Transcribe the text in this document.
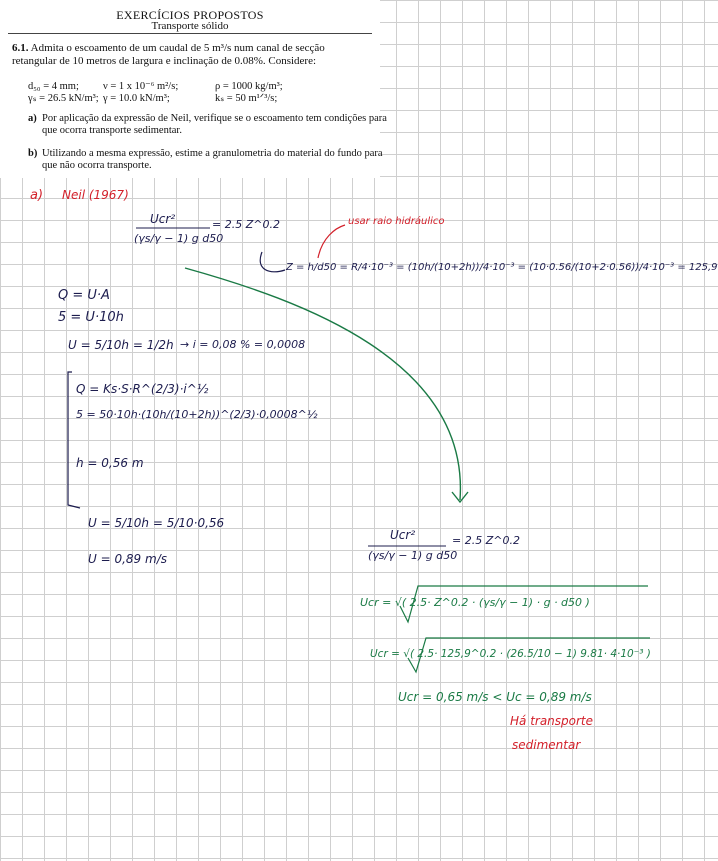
EXERCÍCIOS PROPOSTOS
Transporte sólido
6.1. Admita o escoamento de um caudal de 5 m³/s num canal de secção retangular de 10 metros de largura e inclinação de 0.08%. Considere:
d₅₀ = 4 mm; ν = 1 x 10⁻⁶ m²/s;	ρ = 1000 kg/m³;
γₛ = 26.5 kN/m³; γ = 10.0 kN/m³;	kₛ = 50 m¹ᐟ³/s;
a) Por aplicação da expressão de Neil, verifique se o escoamento tem condições para que ocorra transporte sedimentar.
b) Utilizando a mesma expressão, estime a granulometria do material do fundo para que não ocorra transporte.
a) Neil (1967)
Ucr²
(γs/γ − 1) g d50
= 2.5 Z^0.2	usar raio hidráulico
Z = h/d50 = R/4·10⁻³ = (10h/(10+2h))/4·10⁻³ = (10·0.56/(10+2·0.56))/4·10⁻³ = 125,9
Q = U·A
5 = U·10h
U = 5/10h = 1/2h → i = 0,08 % = 0,0008
Q = Ks·S·R^(2/3)·i^½
5 = 50·10h·(10h/(10+2h))^(2/3)·0,0008^½
h = 0,56 m
U = 5/10h = 5/10·0,56
U = 0,89 m/s
Ucr²
(γs/γ − 1) g d50
= 2.5 Z^0.2
Ucr = √( 2.5· Z^0.2 · (γs/γ − 1) · g · d50 )
Ucr = √( 2.5· 125,9^0.2 · (26.5/10 − 1) 9.81· 4·10⁻³ )
Ucr = 0,65 m/s < Uc = 0,89 m/s
Há transporte
sedimentar
